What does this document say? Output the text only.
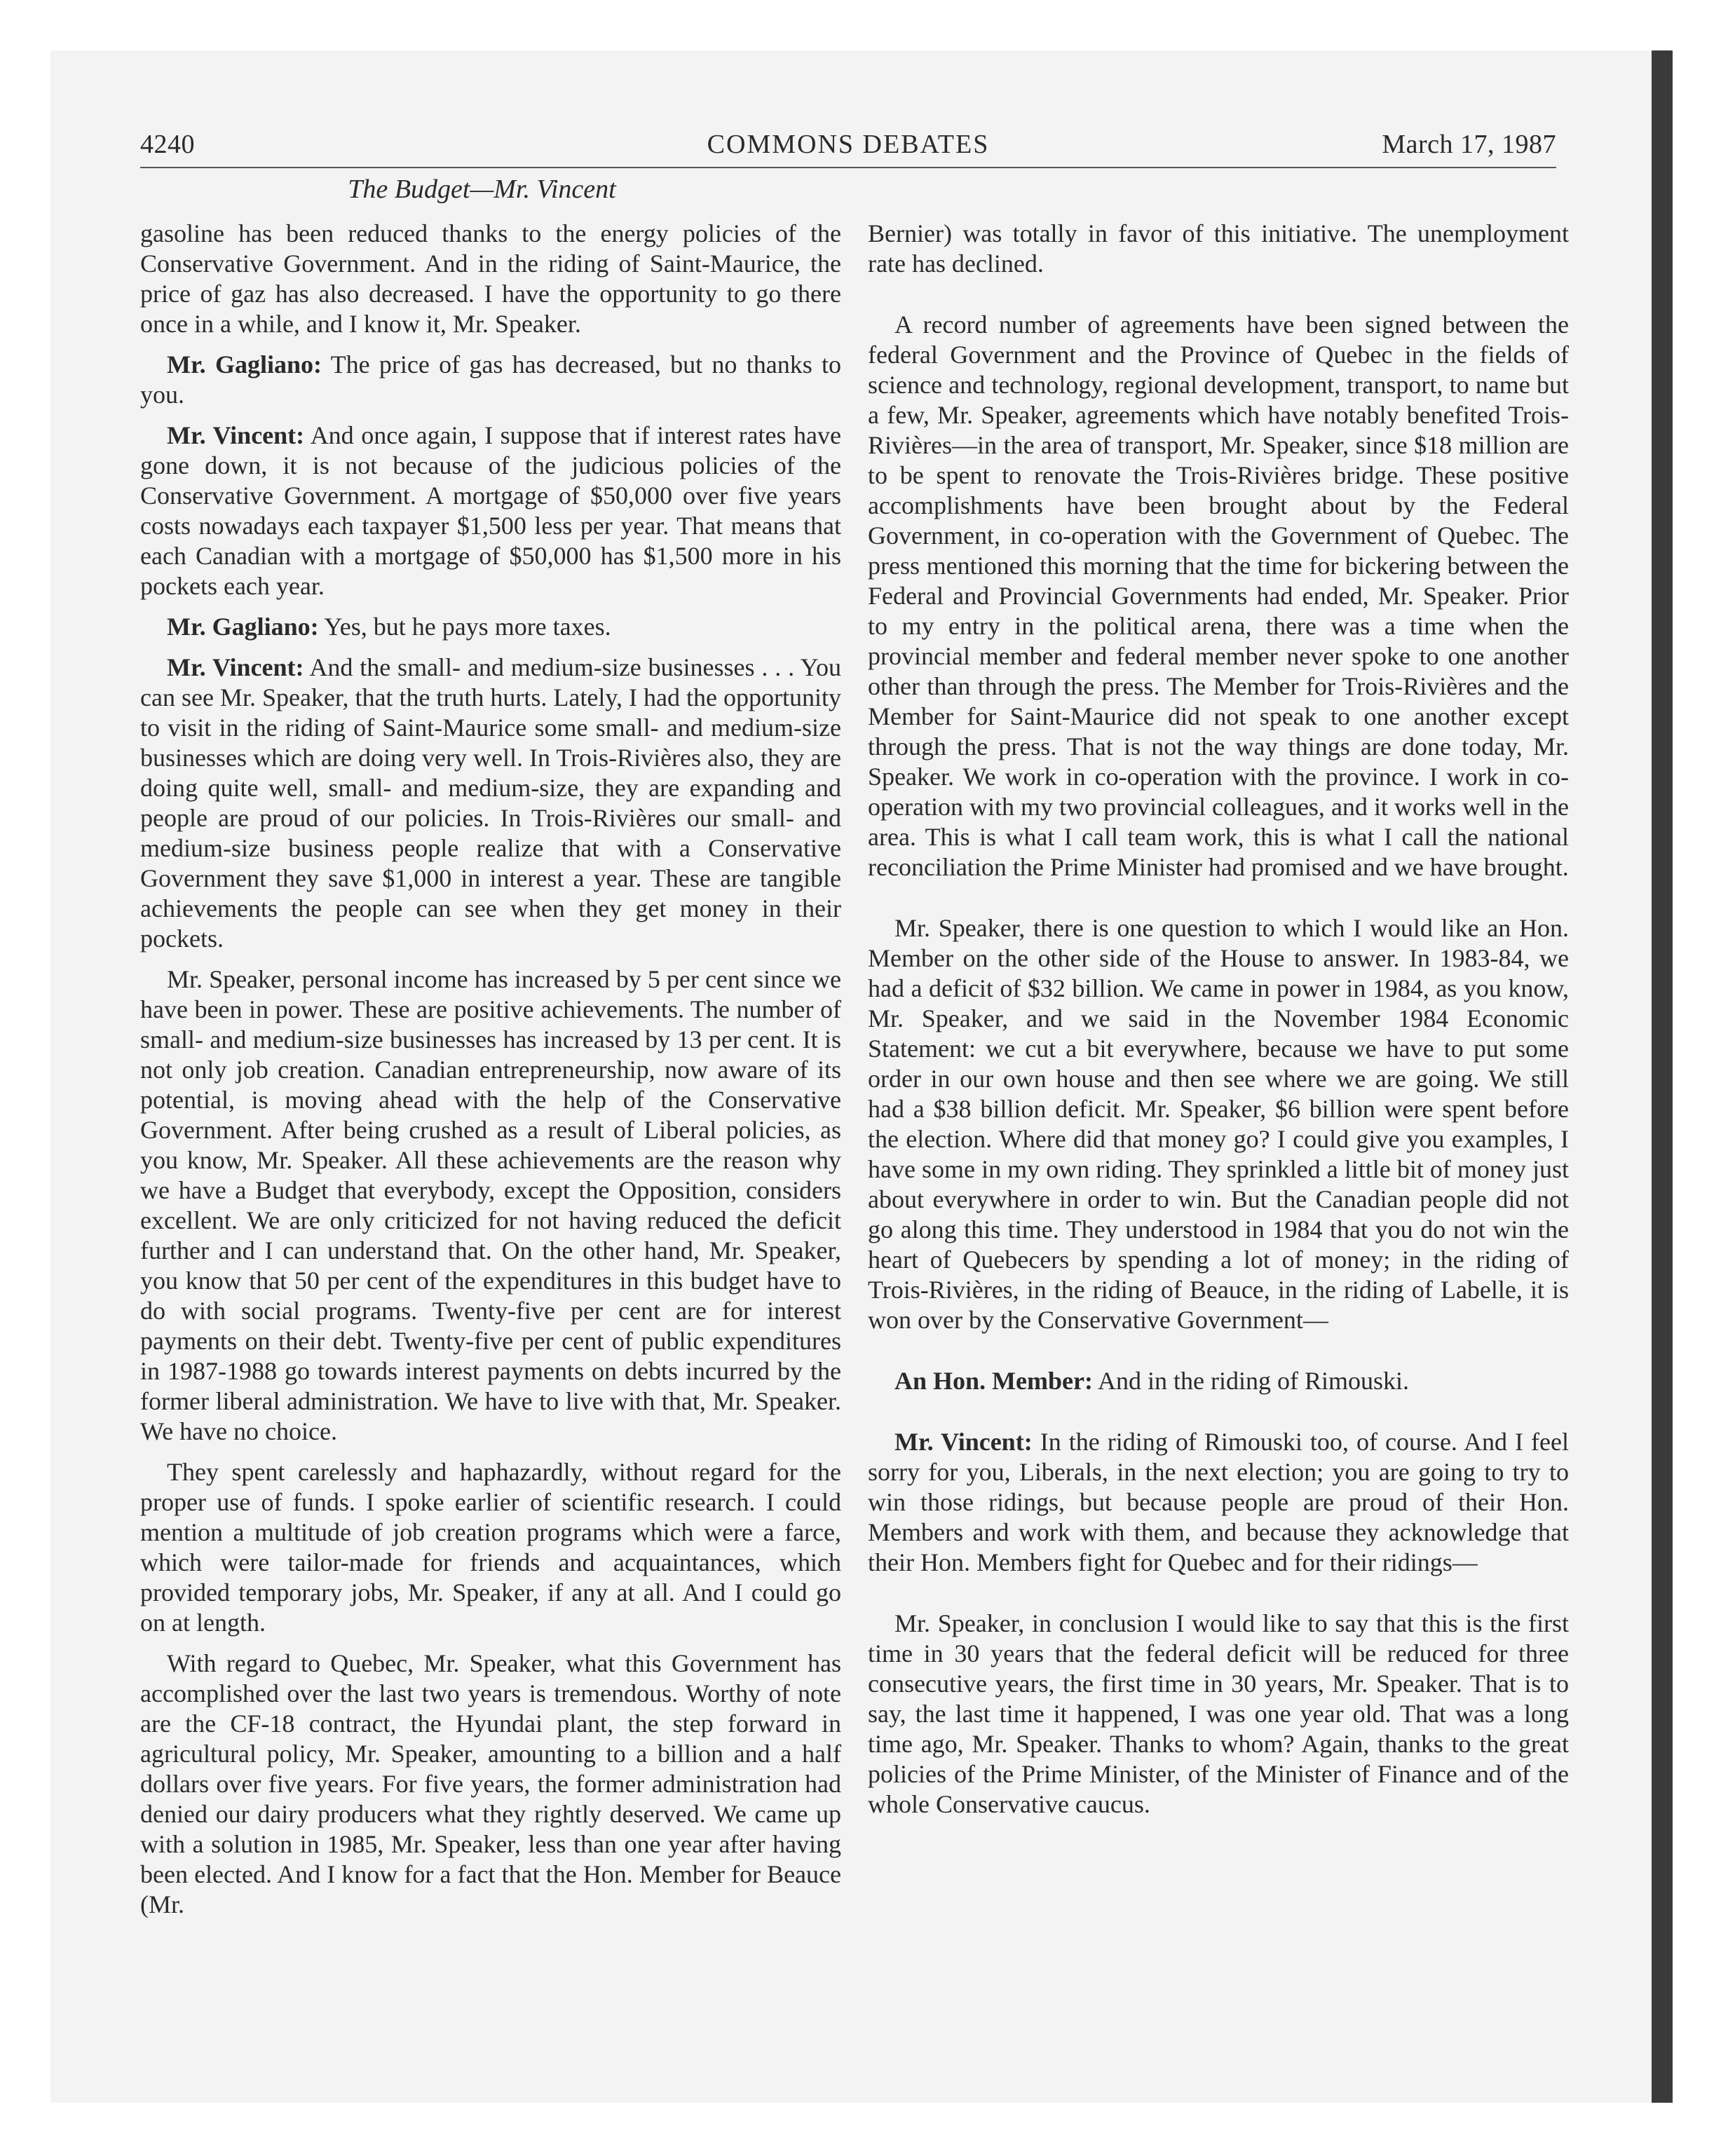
4240	COMMONS DEBATES	March 17, 1987
The Budget—Mr. Vincent

gasoline has been reduced thanks to the energy policies of the Conservative Government. And in the riding of Saint-Maurice, the price of gaz has also decreased. I have the opportunity to go there once in a while, and I know it, Mr. Speaker.

Mr. Gagliano: The price of gas has decreased, but no thanks to you.

Mr. Vincent: And once again, I suppose that if interest rates have gone down, it is not because of the judicious policies of the Conservative Government. A mortgage of $50,000 over five years costs nowadays each taxpayer $1,500 less per year. That means that each Canadian with a mortgage of $50,000 has $1,500 more in his pockets each year.

Mr. Gagliano: Yes, but he pays more taxes.

Mr. Vincent: And the small- and medium-size businesses . . . You can see Mr. Speaker, that the truth hurts. Lately, I had the opportunity to visit in the riding of Saint-Maurice some small- and medium-size businesses which are doing very well. In Trois-Rivières also, they are doing quite well, small- and medium-size, they are expanding and people are proud of our policies. In Trois-Rivières our small- and medium-size business people realize that with a Conservative Government they save $1,000 in interest a year. These are tangible achievements the people can see when they get money in their pockets.

Mr. Speaker, personal income has increased by 5 per cent since we have been in power. These are positive achievements. The number of small- and medium-size businesses has increased by 13 per cent. It is not only job creation. Canadian entrepreneurship, now aware of its potential, is moving ahead with the help of the Conservative Government. After being crushed as a result of Liberal policies, as you know, Mr. Speaker. All these achievements are the reason why we have a Budget that everybody, except the Opposition, considers excellent. We are only criticized for not having reduced the deficit further and I can understand that. On the other hand, Mr. Speaker, you know that 50 per cent of the expenditures in this budget have to do with social programs. Twenty-five per cent are for interest payments on their debt. Twenty-five per cent of public expenditures in 1987-1988 go towards interest payments on debts incurred by the former liberal administration. We have to live with that, Mr. Speaker. We have no choice.

They spent carelessly and haphazardly, without regard for the proper use of funds. I spoke earlier of scientific research. I could mention a multitude of job creation programs which were a farce, which were tailor-made for friends and acquaintances, which provided temporary jobs, Mr. Speaker, if any at all. And I could go on at length.

With regard to Quebec, Mr. Speaker, what this Government has accomplished over the last two years is tremendous. Worthy of note are the CF-18 contract, the Hyundai plant, the step forward in agricultural policy, Mr. Speaker, amounting to a billion and a half dollars over five years. For five years, the former administration had denied our dairy producers what they rightly deserved. We came up with a solution in 1985, Mr. Speaker, less than one year after having been elected. And I know for a fact that the Hon. Member for Beauce (Mr.

Bernier) was totally in favor of this initiative. The unemployment rate has declined.

A record number of agreements have been signed between the federal Government and the Province of Quebec in the fields of science and technology, regional development, transport, to name but a few, Mr. Speaker, agreements which have notably benefited Trois-Rivières—in the area of transport, Mr. Speaker, since $18 million are to be spent to renovate the Trois-Rivières bridge. These positive accomplishments have been brought about by the Federal Government, in co-operation with the Government of Quebec. The press mentioned this morning that the time for bickering between the Federal and Provincial Governments had ended, Mr. Speaker. Prior to my entry in the political arena, there was a time when the provincial member and federal member never spoke to one another other than through the press. The Member for Trois-Rivières and the Member for Saint-Maurice did not speak to one another except through the press. That is not the way things are done today, Mr. Speaker. We work in co-operation with the province. I work in co-operation with my two provincial colleagues, and it works well in the area. This is what I call team work, this is what I call the national reconciliation the Prime Minister had promised and we have brought.

Mr. Speaker, there is one question to which I would like an Hon. Member on the other side of the House to answer. In 1983-84, we had a deficit of $32 billion. We came in power in 1984, as you know, Mr. Speaker, and we said in the November 1984 Economic Statement: we cut a bit everywhere, because we have to put some order in our own house and then see where we are going. We still had a $38 billion deficit. Mr. Speaker, $6 billion were spent before the election. Where did that money go? I could give you examples, I have some in my own riding. They sprinkled a little bit of money just about everywhere in order to win. But the Canadian people did not go along this time. They understood in 1984 that you do not win the heart of Quebecers by spending a lot of money; in the riding of Trois-Rivières, in the riding of Beauce, in the riding of Labelle, it is won over by the Conservative Government—

An Hon. Member: And in the riding of Rimouski.

Mr. Vincent: In the riding of Rimouski too, of course. And I feel sorry for you, Liberals, in the next election; you are going to try to win those ridings, but because people are proud of their Hon. Members and work with them, and because they acknowledge that their Hon. Members fight for Quebec and for their ridings—

Mr. Speaker, in conclusion I would like to say that this is the first time in 30 years that the federal deficit will be reduced for three consecutive years, the first time in 30 years, Mr. Speaker. That is to say, the last time it happened, I was one year old. That was a long time ago, Mr. Speaker. Thanks to whom? Again, thanks to the great policies of the Prime Minister, of the Minister of Finance and of the whole Conservative caucus.
